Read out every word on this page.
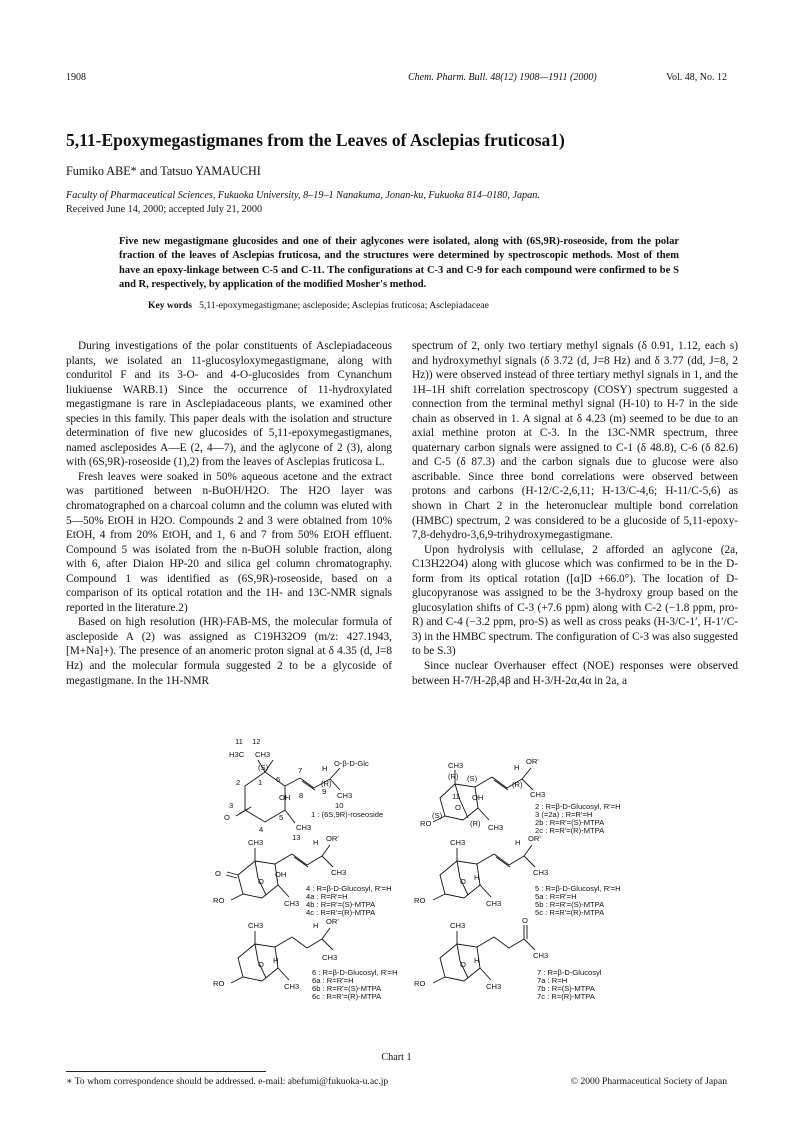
1908	Chem. Pharm. Bull. 48(12) 1908—1911 (2000)	Vol. 48, No. 12
5,11-Epoxymegastigmanes from the Leaves of Asclepias fruticosa1)
Fumiko ABE* and Tatsuo YAMAUCHI
Faculty of Pharmaceutical Sciences, Fukuoka University, 8–19–1 Nanakuma, Jonan-ku, Fukuoka 814–0180, Japan.
Received June 14, 2000; accepted July 21, 2000
Five new megastigmane glucosides and one of their aglycones were isolated, along with (6S,9R)-roseoside, from the polar fraction of the leaves of Asclepias fruticosa, and the structures were determined by spectroscopic methods. Most of them have an epoxy-linkage between C-5 and C-11. The configurations at C-3 and C-9 for each compound were confirmed to be S and R, respectively, by application of the modified Mosher's method.
Key words 5,11-epoxymegastigmane; ascleposide; Asclepias fruticosa; Asclepiadaceae

During investigations of the polar constituents of Asclepiadaceous plants, we isolated an 11-glucosyloxymegastigmane, along with conduritol F and its 3-O- and 4-O-glucosides from Cynanchum liukiuense WARB.1) Since the occurrence of 11-hydroxylated megastigmane is rare in Asclepiadaceous plants, we examined other species in this family. This paper deals with the isolation and structure determination of five new glucosides of 5,11-epoxymegastigmanes, named ascleposides A—E (2, 4—7), and the aglycone of 2 (3), along with (6S,9R)-roseoside (1),2) from the leaves of Asclepias fruticosa L.

Fresh leaves were soaked in 50% aqueous acetone and the extract was partitioned between n-BuOH/H2O. The H2O layer was chromatographed on a charcoal column and the column was eluted with 5—50% EtOH in H2O. Compounds 2 and 3 were obtained from 10% EtOH, 4 from 20% EtOH, and 1, 6 and 7 from 50% EtOH effluent. Compound 5 was isolated from the n-BuOH soluble fraction, along with 6, after Diaion HP-20 and silica gel column chromatography. Compound 1 was identified as (6S,9R)-roseoside, based on a comparison of its optical rotation and the 1H- and 13C-NMR signals reported in the literature.2)

Based on high resolution (HR)-FAB-MS, the molecular formula of ascleposide A (2) was assigned as C19H32O9 (m/z: 427.1943, [M+Na]+). The presence of an anomeric proton signal at δ 4.35 (d, J=8 Hz) and the molecular formula suggested 2 to be a glycoside of megastigmane. In the 1H-NMR

spectrum of 2, only two tertiary methyl signals (δ 0.91, 1.12, each s) and hydroxymethyl signals (δ 3.72 (d, J=8 Hz) and δ 3.77 (dd, J=8, 2 Hz)) were observed instead of three tertiary methyl signals in 1, and the 1H–1H shift correlation spectroscopy (COSY) spectrum suggested a connection from the terminal methyl signal (H-10) to H-7 in the side chain as observed in 1. A signal at δ 4.23 (m) seemed to be due to an axial methine proton at C-3. In the 13C-NMR spectrum, three quaternary carbon signals were assigned to C-1 (δ 48.8), C-6 (δ 82.6) and C-5 (δ 87.3) and the carbon signals due to glucose were also ascribable. Since three bond correlations were observed between protons and carbons (H-12/C-2,6,11; H-13/C-4,6; H-11/C-5,6) as shown in Chart 2 in the heteronuclear multiple bond correlation (HMBC) spectrum, 2 was considered to be a glucoside of 5,11-epoxy-7,8-dehydro-3,6,9-trihydroxymegastigmane.

Upon hydrolysis with cellulase, 2 afforded an aglycone (2a, C13H22O4) along with glucose which was confirmed to be in the D-form from its optical rotation ([α]D +66.0°). The location of D-glucopyranose was assigned to be the 3-hydroxy group based on the glucosylation shifts of C-3 (+7.6 ppm) along with C-2 (−1.8 ppm, pro-R) and C-4 (−3.2 ppm, pro-S) as well as cross peaks (H-3/C-1′, H-1′/C-3) in the HMBC spectrum. The configuration of C-3 was also suggested to be S.3)

Since nuclear Overhauser effect (NOE) responses were observed between H-7/H-2β,4β and H-3/H-2α,4α in 2a, a

11 12
H3C CH3
(S)
2 1 6
3
O
OH
4
5
CH3
13
8
7	H
O-β-D-Glc
(R)
CH3
10
9
1 : (6S,9R)-roseoside
CH3
(R) (S)
11
O
OH
RO
(S)
(R) CH3
H
OR'
(R)
CH3
2 : R=β-D-Glucosyl, R'=H
3 (=2a) : R=R'=H
2b : R=R'=(S)-MTPA
2c : R=R'=(R)-MTPA
CH3
O
O
OH
RO	CH3
H OR'
CH3
4 : R=β-D-Glucosyl, R'=H
4a : R=R'=H
4b : R=R'=(S)-MTPA
4c : R=R'=(R)-MTPA
CH3
O H
RO	CH3
H OR'
CH3
5 : R=β-D-Glucosyl, R'=H
5a : R=R'=H
5b : R=R'=(S)-MTPA
5c : R=R'=(R)-MTPA
CH3
O H
RO	CH3
H OR'
CH3
6 : R=β-D-Glucosyl, R'=H
6a : R=R'=H
6b : R=R'=(S)-MTPA
6c : R=R'=(R)-MTPA
CH3
O H
RO	CH3
O
CH3
7 : R=β-D-Glucosyl
7a : R=H
7b : R=(S)-MTPA
7c : R=(R)-MTPA
Chart 1
∗ To whom correspondence should be addressed. e-mail: abefumi@fukuoka-u.ac.jp	© 2000 Pharmaceutical Society of Japan
